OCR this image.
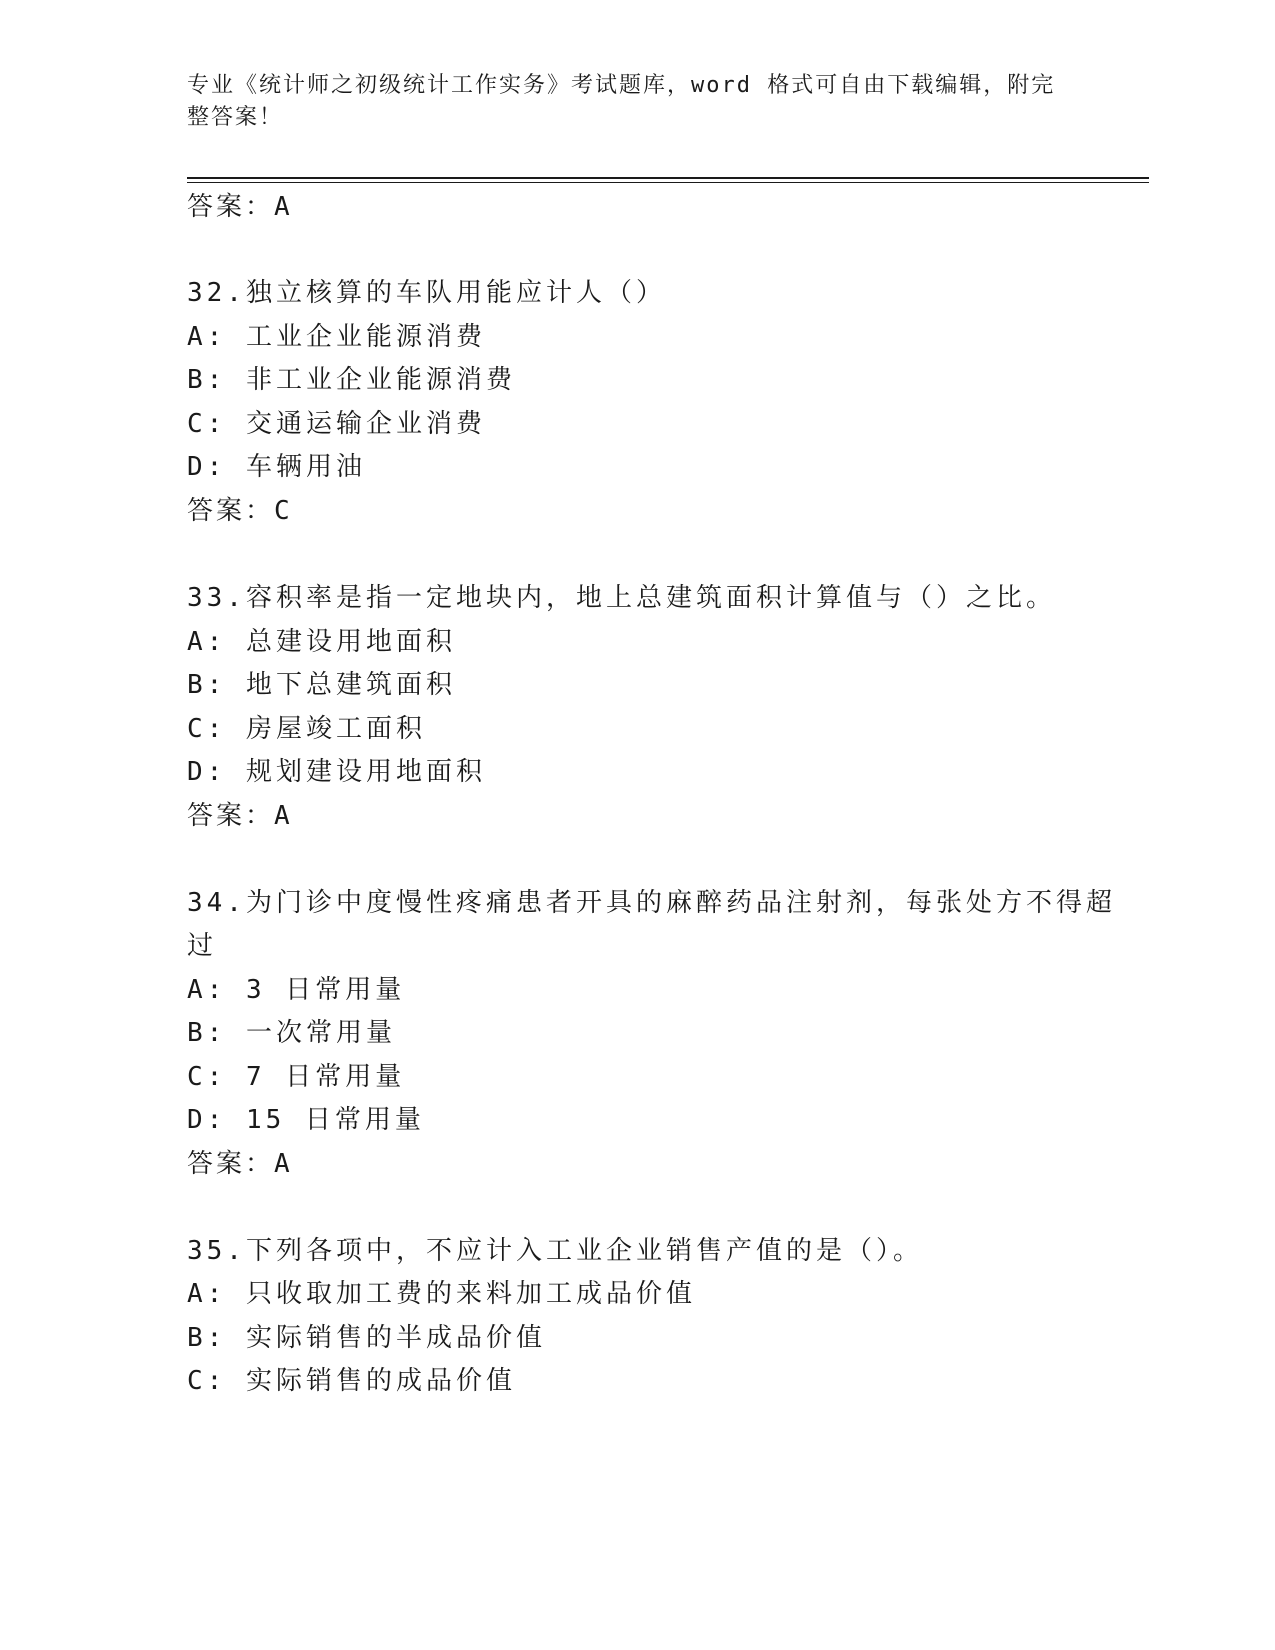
专业《统计师之初级统计工作实务》考试题库，word 格式可自由下载编辑，附完
整答案！
答案：A
32.独立核算的车队用能应计人（）
A: 工业企业能源消费
B: 非工业企业能源消费
C: 交通运输企业消费
D: 车辆用油
答案：C
33.容积率是指一定地块内，地上总建筑面积计算值与（）之比。
A: 总建设用地面积
B: 地下总建筑面积
C: 房屋竣工面积
D: 规划建设用地面积
答案：A
34.为门诊中度慢性疼痛患者开具的麻醉药品注射剂，每张处方不得超
过
A: 3 日常用量
B: 一次常用量
C: 7 日常用量
D: 15 日常用量
答案：A
35.下列各项中，不应计入工业企业销售产值的是（）。
A: 只收取加工费的来料加工成品价值
B: 实际销售的半成品价值
C: 实际销售的成品价值
